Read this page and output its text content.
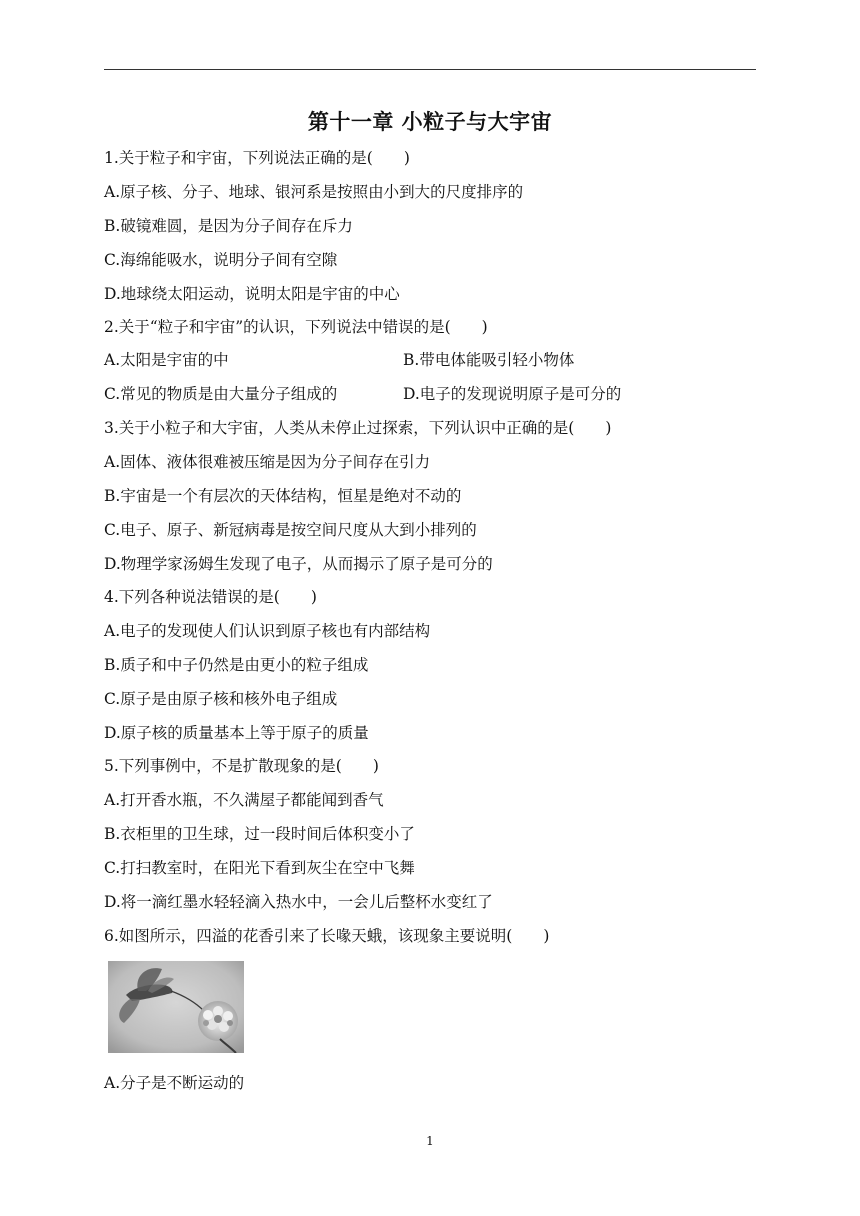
第十一章 小粒子与大宇宙
1.关于粒子和宇宙，下列说法正确的是(　　)
A.原子核、分子、地球、银河系是按照由小到大的尺度排序的
B.破镜难圆，是因为分子间存在斥力
C.海绵能吸水，说明分子间有空隙
D.地球绕太阳运动，说明太阳是宇宙的中心
2.关于“粒子和宇宙”的认识，下列说法中错误的是(　　)
A.太阳是宇宙的中	B.带电体能吸引轻小物体
C.常见的物质是由大量分子组成的	D.电子的发现说明原子是可分的
3.关于小粒子和大宇宙，人类从未停止过探索，下列认识中正确的是(　　)
A.固体、液体很难被压缩是因为分子间存在引力
B.宇宙是一个有层次的天体结构，恒星是绝对不动的
C.电子、原子、新冠病毒是按空间尺度从大到小排列的
D.物理学家汤姆生发现了电子，从而揭示了原子是可分的
4.下列各种说法错误的是(　　)
A.电子的发现使人们认识到原子核也有内部结构
B.质子和中子仍然是由更小的粒子组成
C.原子是由原子核和核外电子组成
D.原子核的质量基本上等于原子的质量
5.下列事例中，不是扩散现象的是(　　)
A.打开香水瓶，不久满屋子都能闻到香气
B.衣柜里的卫生球，过一段时间后体积变小了
C.打扫教室时，在阳光下看到灰尘在空中飞舞
D.将一滴红墨水轻轻滴入热水中，一会儿后整杯水变红了
6.如图所示，四溢的花香引来了长喙天蛾，该现象主要说明(　　)
A.分子是不断运动的
1
